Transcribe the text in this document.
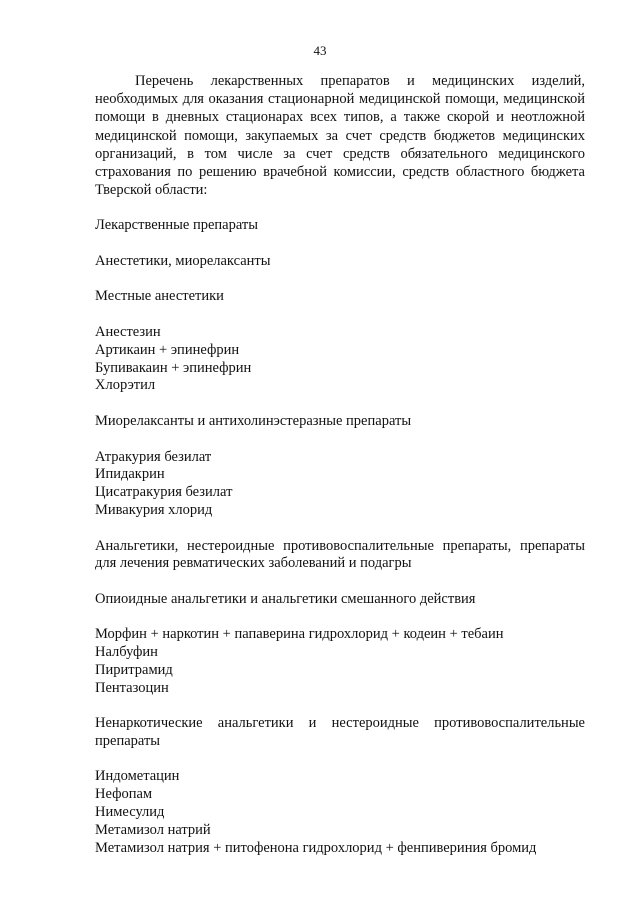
43

Перечень лекарственных препаратов и медицинских изделий, необходимых для оказания стационарной медицинской помощи, медицинской помощи в дневных стационарах всех типов, а также скорой и неотложной медицинской помощи, закупаемых за счет средств бюджетов медицинских организаций, в том числе за счет средств обязательного медицинского страхования по решению врачебной комиссии, средств областного бюджета Тверской области:

Лекарственные препараты

Анестетики, миорелаксанты

Местные анестетики

Анестезин
Артикаин + эпинефрин
Бупивакаин + эпинефрин
Хлорэтил

Миорелаксанты и антихолинэстеразные препараты

Атракурия безилат
Ипидакрин
Цисатракурия безилат
Мивакурия хлорид

Анальгетики, нестероидные противовоспалительные препараты, препараты для лечения ревматических заболеваний и подагры

Опиоидные анальгетики и анальгетики смешанного действия

Морфин + наркотин + папаверина гидрохлорид + кодеин + тебаин
Налбуфин
Пиритрамид
Пентазоцин

Ненаркотические анальгетики и нестероидные противовоспалительные препараты

Индометацин
Нефопам
Нимесулид
Метамизол натрий
Метамизол натрия + питофенона гидрохлорид + фенпивериния бромид
